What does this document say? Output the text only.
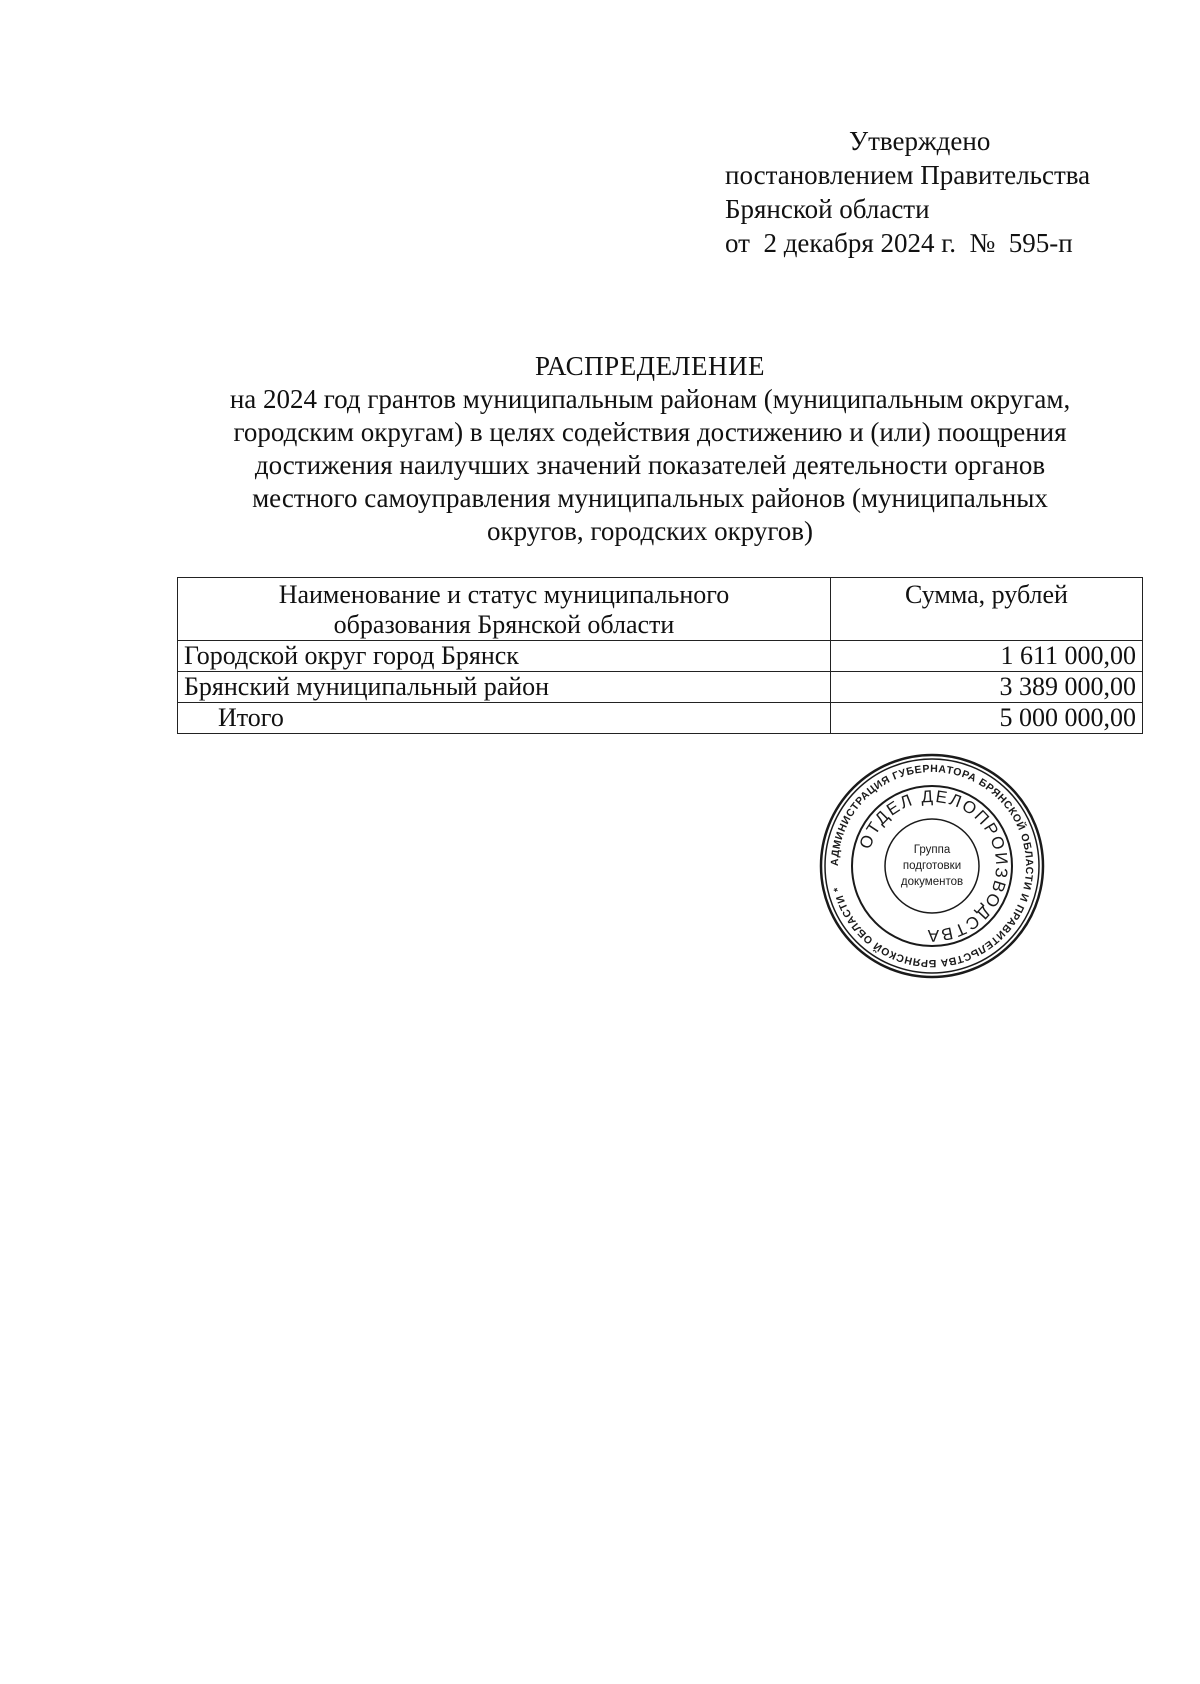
Утверждено
постановлением Правительства
Брянской области
от  2 декабря 2024 г.  №  595-п
РАСПРЕДЕЛЕНИЕ
на 2024 год грантов муниципальным районам (муниципальным округам,
городским округам) в целях содействия достижению и (или) поощрения
достижения наилучших значений показателей деятельности органов
местного самоуправления муниципальных районов (муниципальных
округов, городских округов)
Наименование и статус муниципального
образования Брянской области	Сумма, рублей
Городской округ город Брянск	1 611 000,00
Брянский муниципальный район	3 389 000,00
Итого	5 000 000,00
АДМИНИСТРАЦИЯ ГУБЕРНАТОРА БРЯНСКОЙ ОБЛАСТИ И ПРАВИТЕЛЬСТВА БРЯНСКОЙ ОБЛАСТИ *
ОТДЕЛ ДЕЛОПРОИЗВОДСТВА
Группа
подготовки
документов
